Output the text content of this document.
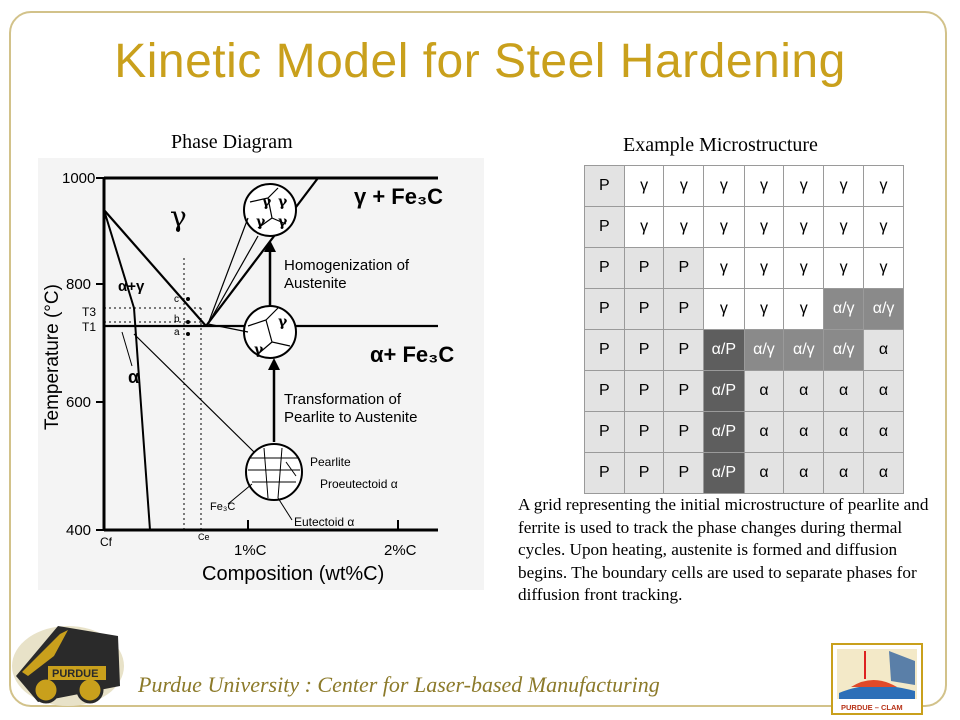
Kinetic Model for Steel Hardening
Phase Diagram	Example Microstructure
1000
800
600
400
Temperature (°C) T3
T1
c
b
a
Cf	Ce
1%C	2%C
Composition (wt%C)
γ
γ + Fe₃C
α+γ
α
α+ Fe₃C
γ γ
γ γ
γ
γ
Homogenization of
Austenite
Transformation of
Pearlite to Austenite
Pearlite
Proeutectoid α
Fe₃C
Eutectoid α
P	γ	γ	γ	γ	γ	γ	γ
P	γ	γ	γ	γ	γ	γ	γ
P	P	P	γ	γ	γ	γ	γ
P	P	P	γ	γ	γ	α/γ	α/γ
P	P	P	α/P	α/γ	α/γ	α/γ	α
P	P	P	α/P	α	α	α	α
P	P	P	α/P	α	α	α	α
P	P	P	α/P	α	α	α	α
A grid representing the initial microstructure of pearlite and ferrite is used to track the phase changes during thermal cycles. Upon heating, austenite is formed and diffusion begins. The boundary cells are used to separate phases for diffusion front tracking.
Purdue University : Center for Laser-based Manufacturing
PURDUE
PURDUE – CLAM
